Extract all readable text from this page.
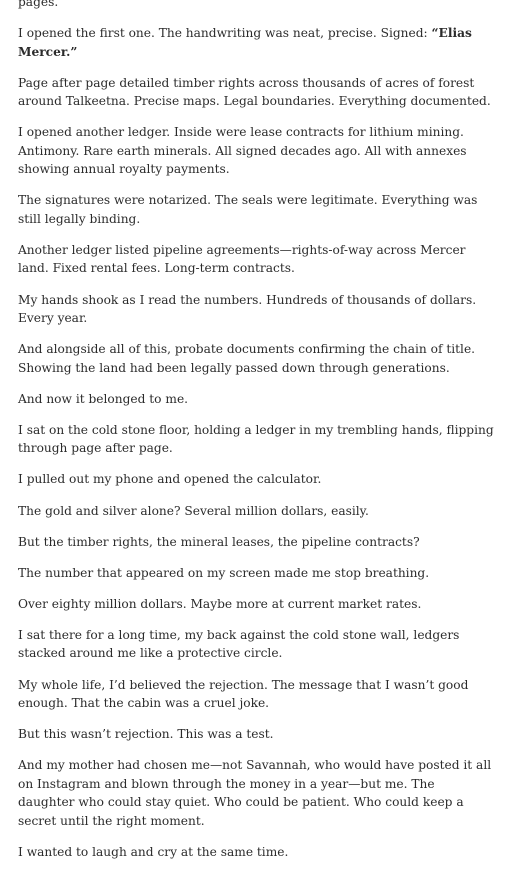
pages.

I opened the first one. The handwriting was neat, precise. Signed: “Elias Mercer.”

Page after page detailed timber rights across thousands of acres of forest around Talkeetna. Precise maps. Legal boundaries. Everything documented.

I opened another ledger. Inside were lease contracts for lithium mining. Antimony. Rare earth minerals. All signed decades ago. All with annexes showing annual royalty payments.

The signatures were notarized. The seals were legitimate. Everything was still legally binding.

Another ledger listed pipeline agreements—rights-of-way across Mercer land. Fixed rental fees. Long-term contracts.

My hands shook as I read the numbers. Hundreds of thousands of dollars. Every year.

And alongside all of this, probate documents confirming the chain of title. Showing the land had been legally passed down through generations.

And now it belonged to me.

I sat on the cold stone floor, holding a ledger in my trembling hands, flipping through page after page.

I pulled out my phone and opened the calculator.

The gold and silver alone? Several million dollars, easily.

But the timber rights, the mineral leases, the pipeline contracts?

The number that appeared on my screen made me stop breathing.

Over eighty million dollars. Maybe more at current market rates.

I sat there for a long time, my back against the cold stone wall, ledgers stacked around me like a protective circle.

My whole life, I’d believed the rejection. The message that I wasn’t good enough. That the cabin was a cruel joke.

But this wasn’t rejection. This was a test.

And my mother had chosen me—not Savannah, who would have posted it all on Instagram and blown through the money in a year—but me. The daughter who could stay quiet. Who could be patient. Who could keep a secret until the right moment.

I wanted to laugh and cry at the same time.
